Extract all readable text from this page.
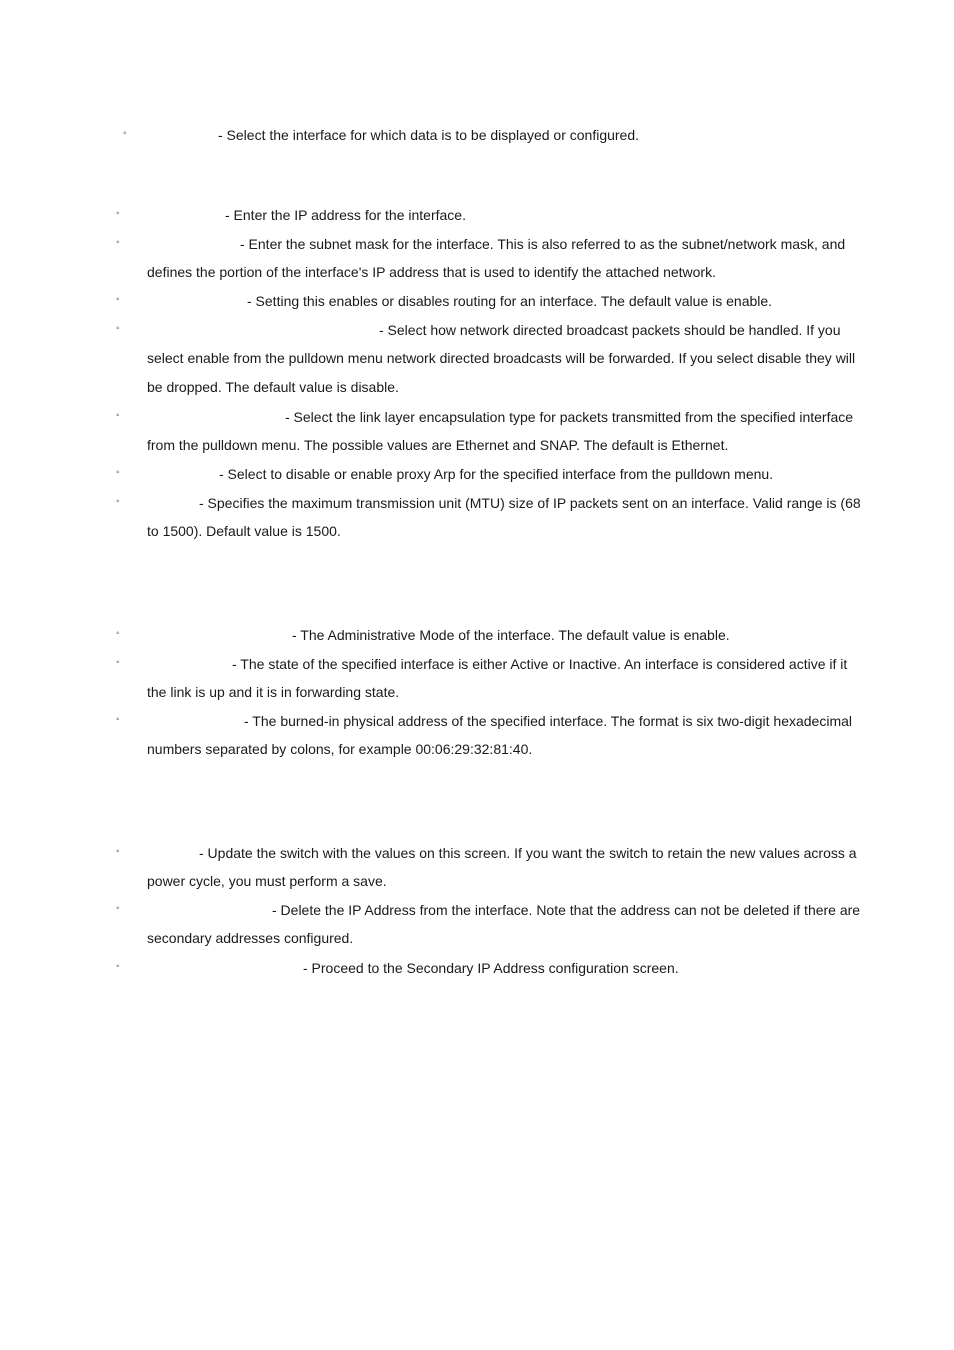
◦	- Select the interface for which data is to be displayed or configured.
◦	- Enter the IP address for the interface.
◦	- Enter the subnet mask for the interface. This is also referred to as the subnet/network mask, and
defines the portion of the interface's IP address that is used to identify the attached network.
◦	- Setting this enables or disables routing for an interface. The default value is enable.
◦	- Select how network directed broadcast packets should be handled. If you
select enable from the pulldown menu network directed broadcasts will be forwarded. If you select disable they will
be dropped. The default value is disable.
◦	- Select the link layer encapsulation type for packets transmitted from the specified interface
from the pulldown menu. The possible values are Ethernet and SNAP. The default is Ethernet.
◦	- Select to disable or enable proxy Arp for the specified interface from the pulldown menu.
◦	- Specifies the maximum transmission unit (MTU) size of IP packets sent on an interface. Valid range is (68
to 1500). Default value is 1500.
◦	- The Administrative Mode of the interface. The default value is enable.
◦	- The state of the specified interface is either Active or Inactive. An interface is considered active if it
the link is up and it is in forwarding state.
◦	- The burned-in physical address of the specified interface. The format is six two-digit hexadecimal
numbers separated by colons, for example 00:06:29:32:81:40.
◦	- Update the switch with the values on this screen. If you want the switch to retain the new values across a
power cycle, you must perform a save.
◦	- Delete the IP Address from the interface. Note that the address can not be deleted if there are
secondary addresses configured.
◦	- Proceed to the Secondary IP Address configuration screen.
